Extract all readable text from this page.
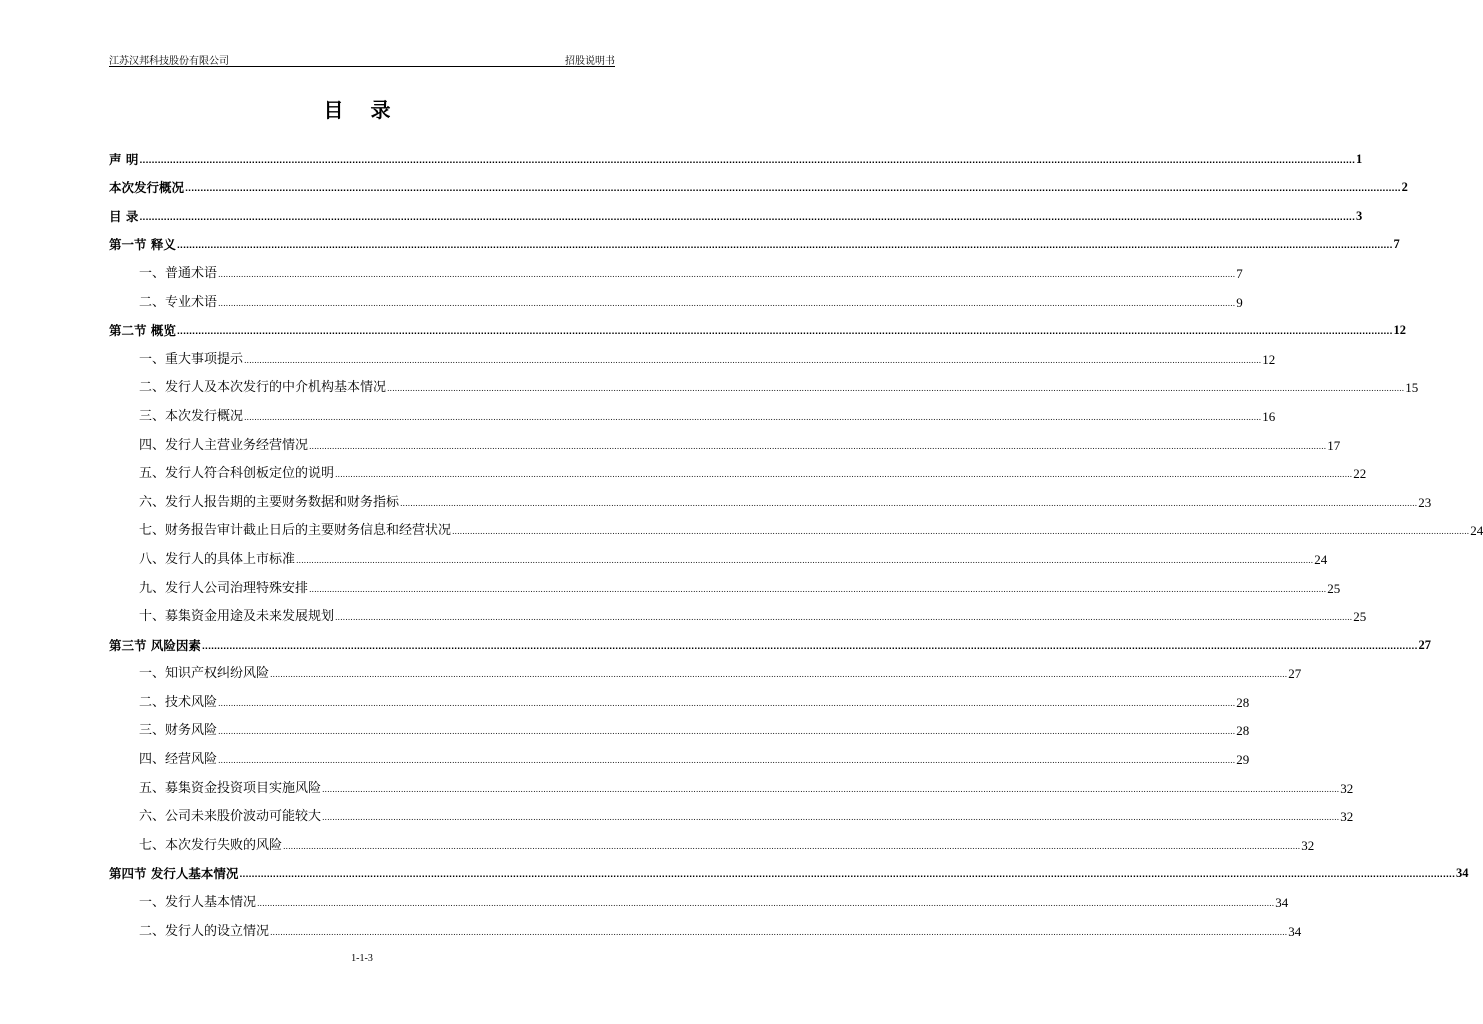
江苏汉邦科技股份有限公司	招股说明书
目 录
声 明 ................................................................................................................................................................................................................................................................................................................................................................................................................ 1
本次发行概况 ................................................................................................................................................................................................................................................................................................................................................................................................................ 2
目 录 ................................................................................................................................................................................................................................................................................................................................................................................................................ 3
第一节 释义 ................................................................................................................................................................................................................................................................................................................................................................................................................ 7
一、普通术语 ................................................................................................................................................................................................................................................................................................................................................................................................................ 7
二、专业术语 ................................................................................................................................................................................................................................................................................................................................................................................................................ 9
第二节 概览 ................................................................................................................................................................................................................................................................................................................................................................................................................ 12
一、重大事项提示 ................................................................................................................................................................................................................................................................................................................................................................................................................ 12
二、发行人及本次发行的中介机构基本情况 ................................................................................................................................................................................................................................................................................................................................................................................................................ 15
三、本次发行概况 ................................................................................................................................................................................................................................................................................................................................................................................................................ 16
四、发行人主营业务经营情况 ................................................................................................................................................................................................................................................................................................................................................................................................................ 17
五、发行人符合科创板定位的说明 ................................................................................................................................................................................................................................................................................................................................................................................................................ 22
六、发行人报告期的主要财务数据和财务指标 ................................................................................................................................................................................................................................................................................................................................................................................................................ 23
七、财务报告审计截止日后的主要财务信息和经营状况 ................................................................................................................................................................................................................................................................................................................................................................................................................ 24
八、发行人的具体上市标准 ................................................................................................................................................................................................................................................................................................................................................................................................................ 24
九、发行人公司治理特殊安排 ................................................................................................................................................................................................................................................................................................................................................................................................................ 25
十、募集资金用途及未来发展规划 ................................................................................................................................................................................................................................................................................................................................................................................................................ 25
第三节 风险因素 ................................................................................................................................................................................................................................................................................................................................................................................................................ 27
一、知识产权纠纷风险 ................................................................................................................................................................................................................................................................................................................................................................................................................ 27
二、技术风险 ................................................................................................................................................................................................................................................................................................................................................................................................................ 28
三、财务风险 ................................................................................................................................................................................................................................................................................................................................................................................................................ 28
四、经营风险 ................................................................................................................................................................................................................................................................................................................................................................................................................ 29
五、募集资金投资项目实施风险 ................................................................................................................................................................................................................................................................................................................................................................................................................ 32
六、公司未来股价波动可能较大 ................................................................................................................................................................................................................................................................................................................................................................................................................ 32
七、本次发行失败的风险 ................................................................................................................................................................................................................................................................................................................................................................................................................ 32
第四节 发行人基本情况 ................................................................................................................................................................................................................................................................................................................................................................................................................ 34
一、发行人基本情况 ................................................................................................................................................................................................................................................................................................................................................................................................................ 34
二、发行人的设立情况 ................................................................................................................................................................................................................................................................................................................................................................................................................ 34
1-1-3
